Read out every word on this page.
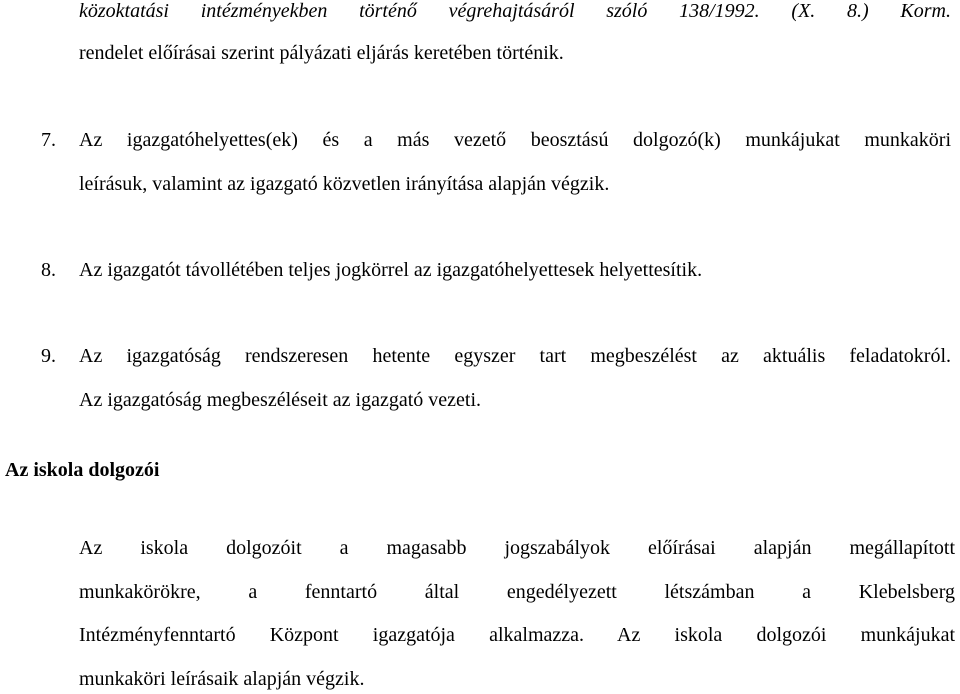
közoktatási intézményekben történő végrehajtásáról szóló 138/1992. (X. 8.) Korm.
rendelet előírásai szerint pályázati eljárás keretében történik.
7. Az igazgatóhelyettes(ek) és a más vezető beosztású dolgozó(k) munkájukat munkaköri
leírásuk, valamint az igazgató közvetlen irányítása alapján végzik.
8. Az igazgatót távollétében teljes jogkörrel az igazgatóhelyettesek helyettesítik.
9. Az igazgatóság rendszeresen hetente egyszer tart megbeszélést az aktuális feladatokról.
Az igazgatóság megbeszéléseit az igazgató vezeti.
Az iskola dolgozói
Az iskola dolgozóit a magasabb jogszabályok előírásai alapján megállapított
munkakörökre, a fenntartó által engedélyezett létszámban a Klebelsberg
Intézményfenntartó Központ igazgatója alkalmazza. Az iskola dolgozói munkájukat
munkaköri leírásaik alapján végzik.
